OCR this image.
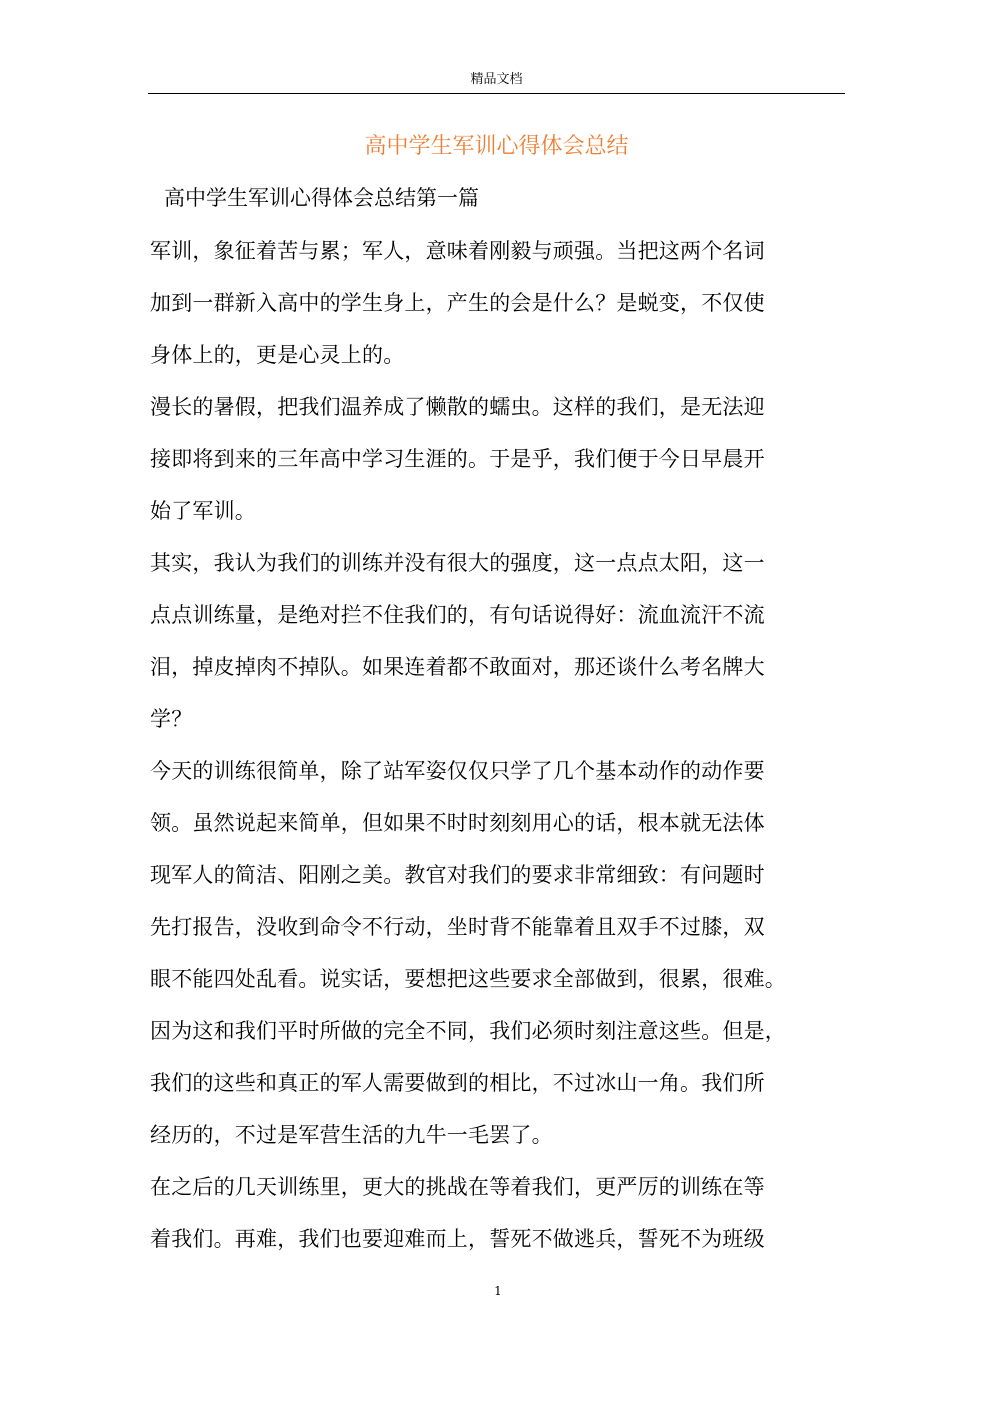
精品文档
高中学生军训心得体会总结
高中学生军训心得体会总结第一篇
军训，象征着苦与累；军人，意味着刚毅与顽强。当把这两个名词
加到一群新入高中的学生身上，产生的会是什么？是蜕变，不仅使
身体上的，更是心灵上的。
漫长的暑假，把我们温养成了懒散的蠕虫。这样的我们，是无法迎
接即将到来的三年高中学习生涯的。于是乎，我们便于今日早晨开
始了军训。
其实，我认为我们的训练并没有很大的强度，这一点点太阳，这一
点点训练量，是绝对拦不住我们的，有句话说得好：流血流汗不流
泪，掉皮掉肉不掉队。如果连着都不敢面对，那还谈什么考名牌大
学？
今天的训练很简单，除了站军姿仅仅只学了几个基本动作的动作要
领。虽然说起来简单，但如果不时时刻刻用心的话，根本就无法体
现军人的简洁、阳刚之美。教官对我们的要求非常细致：有问题时
先打报告，没收到命令不行动，坐时背不能靠着且双手不过膝，双
眼不能四处乱看。说实话，要想把这些要求全部做到，很累，很难。
因为这和我们平时所做的完全不同，我们必须时刻注意这些。但是，
我们的这些和真正的军人需要做到的相比，不过冰山一角。我们所
经历的，不过是军营生活的九牛一毛罢了。
在之后的几天训练里，更大的挑战在等着我们，更严厉的训练在等
着我们。再难，我们也要迎难而上，誓死不做逃兵，誓死不为班级
1
